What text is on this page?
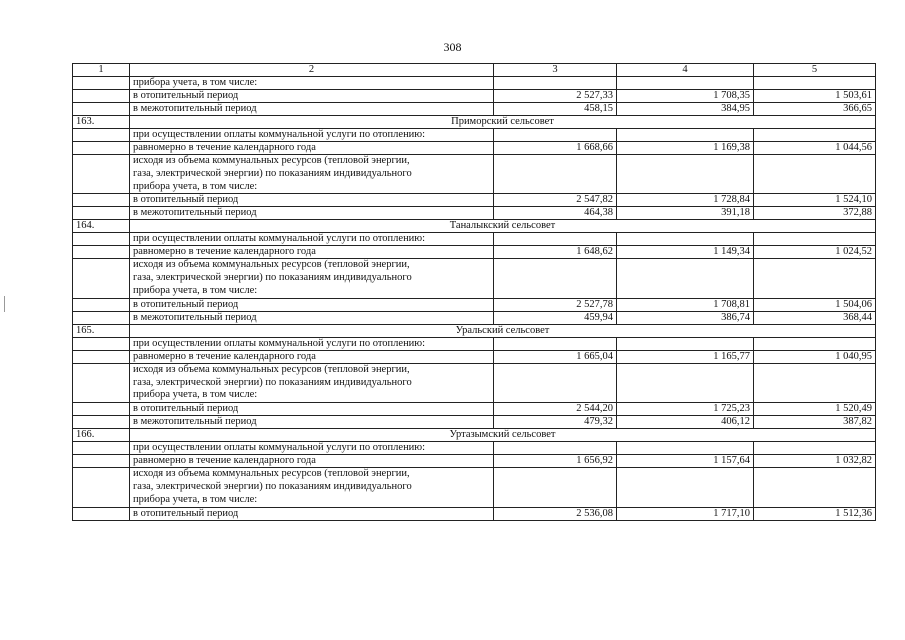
308
1	2	3	4	5
	прибора учета, в том числе:			
	в отопительный период	2 527,33	1 708,35	1 503,61
	в межотопительный период	458,15	384,95	366,65
163.	Приморский сельсовет			
	при осуществлении оплаты коммунальной услуги по отоплению:			
	равномерно в течение календарного года	1 668,66	1 169,38	1 044,56

	исходя из объема коммунальных ресурсов (тепловой энергии,
газа, электрической энергии) по показаниям индивидуального
прибора учета, в том числе:			

	в отопительный период	2 547,82	1 728,84	1 524,10
	в межотопительный период	464,38	391,18	372,88
164.	Таналыкский сельсовет			
	при осуществлении оплаты коммунальной услуги по отоплению:			
	равномерно в течение календарного года	1 648,62	1 149,34	1 024,52

	исходя из объема коммунальных ресурсов (тепловой энергии,
газа, электрической энергии) по показаниям индивидуального
прибора учета, в том числе:			

	в отопительный период	2 527,78	1 708,81	1 504,06
	в межотопительный период	459,94	386,74	368,44
165.	Уральский сельсовет			
	при осуществлении оплаты коммунальной услуги по отоплению:			
	равномерно в течение календарного года	1 665,04	1 165,77	1 040,95

	исходя из объема коммунальных ресурсов (тепловой энергии,
газа, электрической энергии) по показаниям индивидуального
прибора учета, в том числе:			

	в отопительный период	2 544,20	1 725,23	1 520,49
	в межотопительный период	479,32	406,12	387,82
166.	Уртазымский сельсовет			
	при осуществлении оплаты коммунальной услуги по отоплению:			
	равномерно в течение календарного года	1 656,92	1 157,64	1 032,82

	исходя из объема коммунальных ресурсов (тепловой энергии,
газа, электрической энергии) по показаниям индивидуального
прибора учета, в том числе:			

	в отопительный период	2 536,08	1 717,10	1 512,36
